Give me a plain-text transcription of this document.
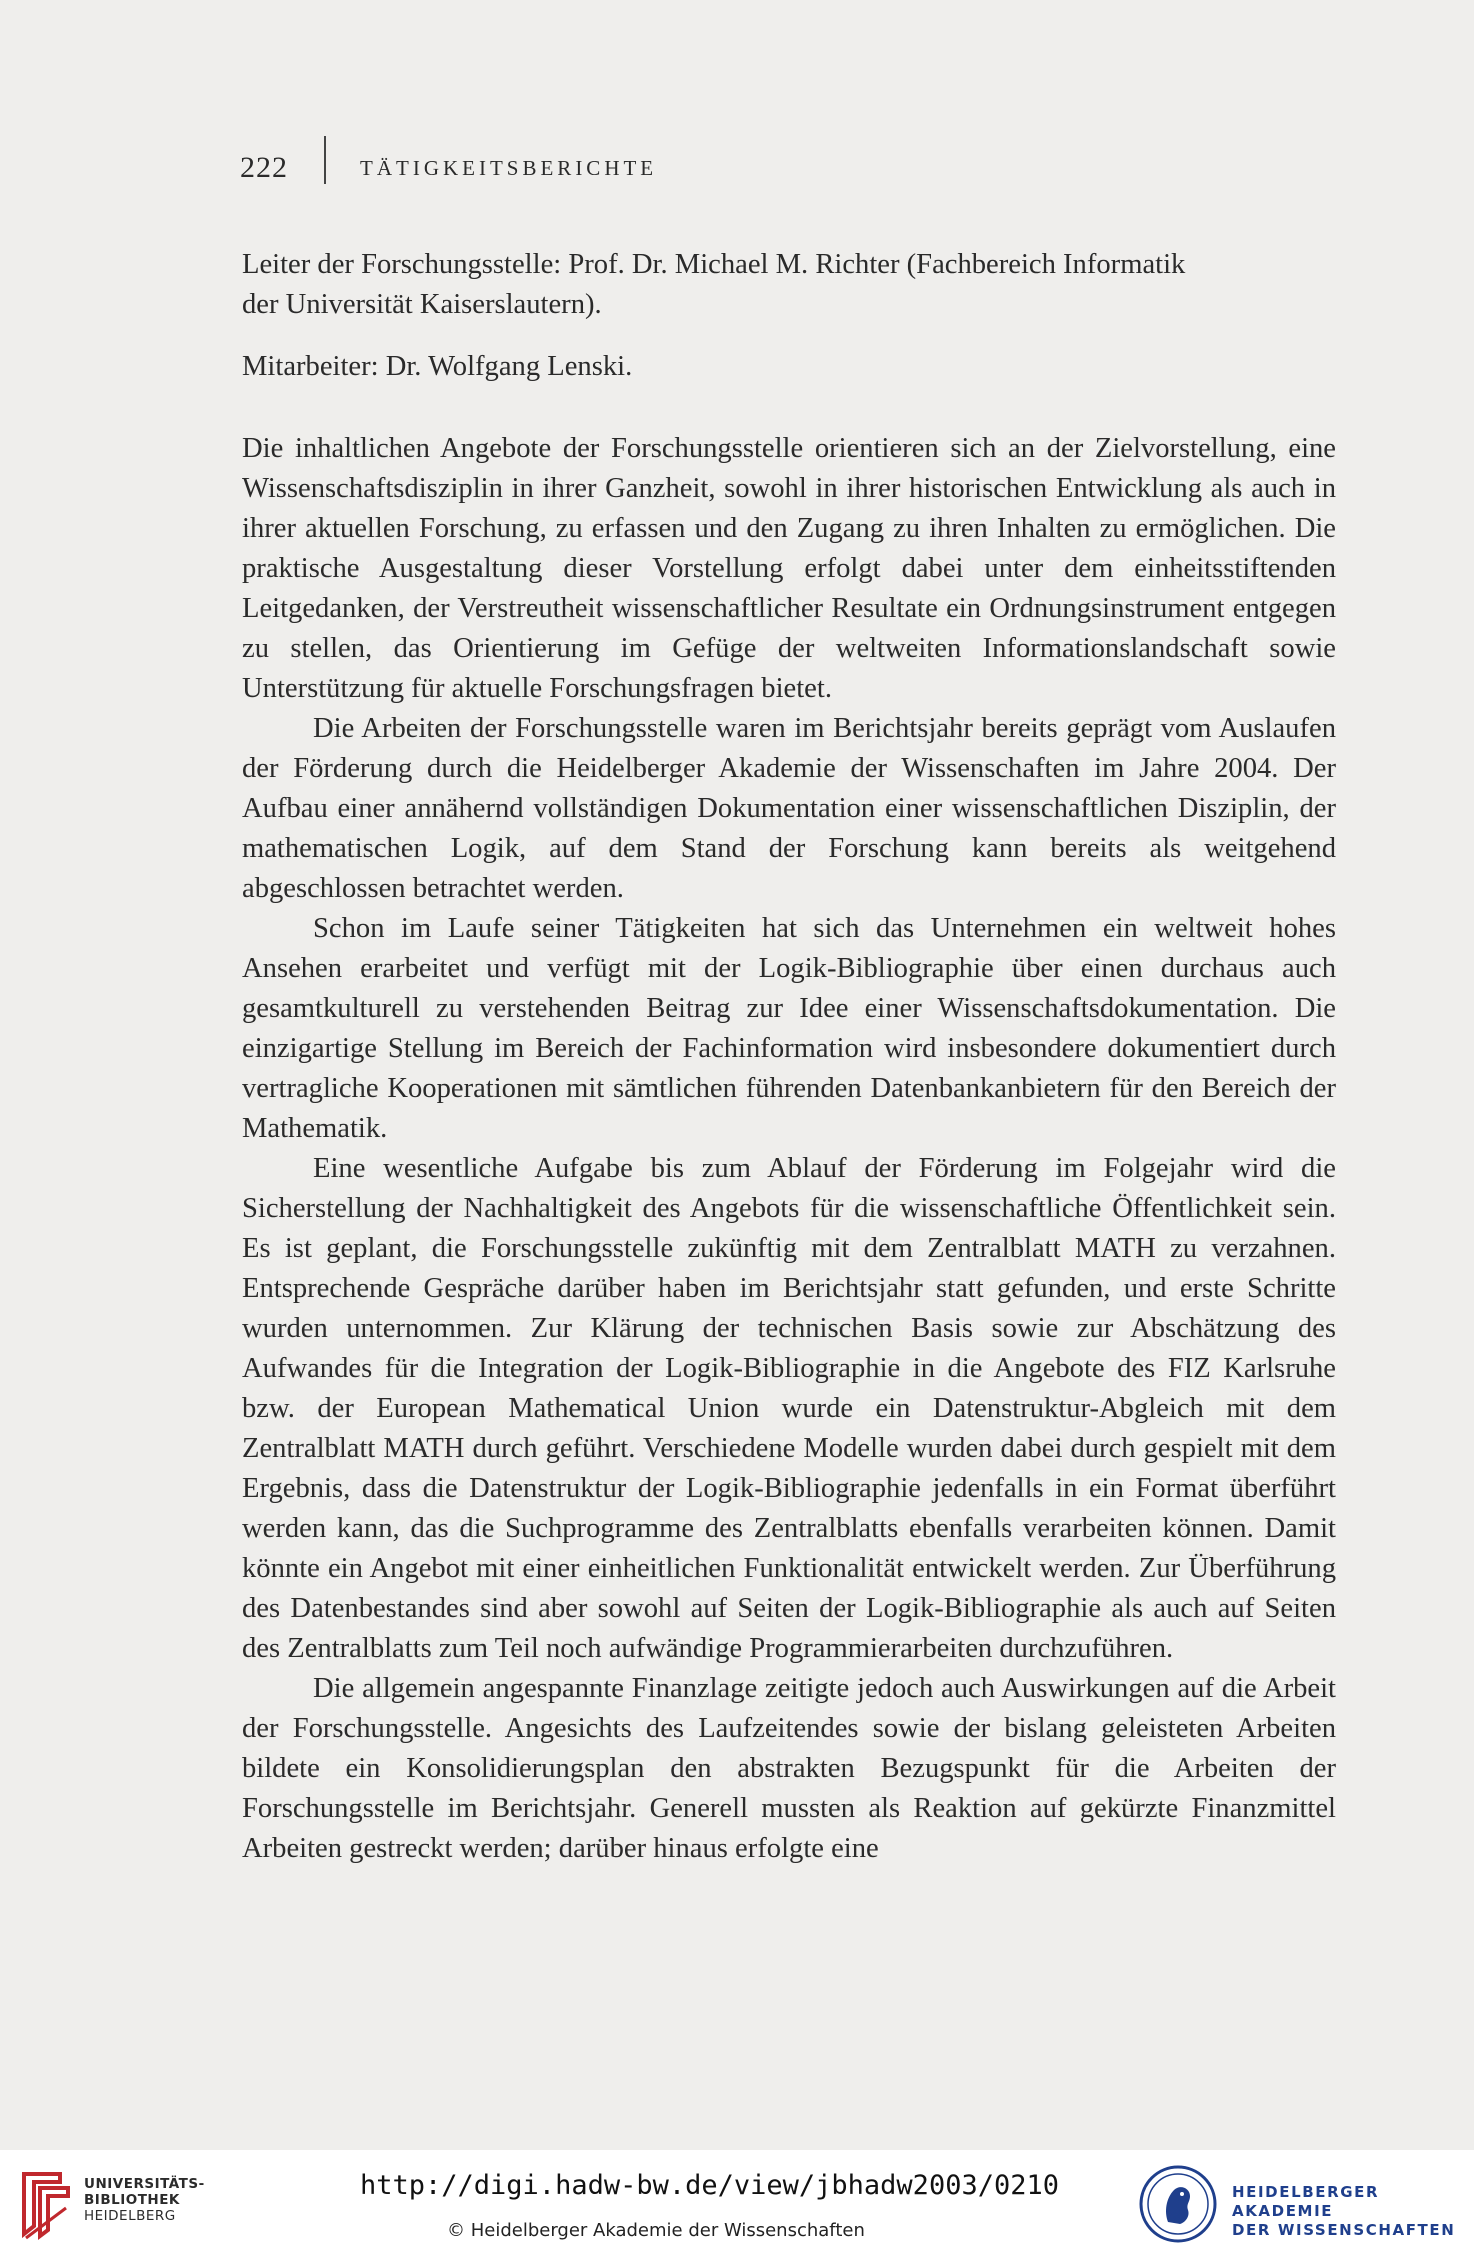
222	TÄTIGKEITSBERICHTE

Leiter der Forschungsstelle: Prof. Dr. Michael M. Richter (Fachbereich Informatik

der Universität Kaiserslautern).

Mitarbeiter: Dr. Wolfgang Lenski.

Die inhaltlichen Angebote der Forschungsstelle orientieren sich an der Zielvorstellung, eine Wissenschaftsdisziplin in ihrer Ganzheit, sowohl in ihrer historischen Entwicklung als auch in ihrer aktuellen Forschung, zu erfassen und den Zugang zu ihren Inhalten zu ermöglichen. Die praktische Ausgestaltung dieser Vorstellung erfolgt dabei unter dem einheitsstiftenden Leitgedanken, der Verstreutheit wissenschaftlicher Resultate ein Ordnungsinstrument entgegen zu stellen, das Orientierung im Gefüge der weltweiten Informationslandschaft sowie Unterstützung für aktuelle Forschungsfragen bietet.

Die Arbeiten der Forschungsstelle waren im Berichtsjahr bereits geprägt vom Auslaufen der Förderung durch die Heidelberger Akademie der Wissenschaften im Jahre 2004. Der Aufbau einer annähernd vollständigen Dokumentation einer wissenschaftlichen Disziplin, der mathematischen Logik, auf dem Stand der Forschung kann bereits als weitgehend abgeschlossen betrachtet werden.

Schon im Laufe seiner Tätigkeiten hat sich das Unternehmen ein weltweit hohes Ansehen erarbeitet und verfügt mit der Logik-Bibliographie über einen durchaus auch gesamtkulturell zu verstehenden Beitrag zur Idee einer Wissenschaftsdokumentation. Die einzigartige Stellung im Bereich der Fachinformation wird insbesondere dokumentiert durch vertragliche Kooperationen mit sämtlichen führenden Datenbankanbietern für den Bereich der Mathematik.

Eine wesentliche Aufgabe bis zum Ablauf der Förderung im Folgejahr wird die Sicherstellung der Nachhaltigkeit des Angebots für die wissenschaftliche Öffentlichkeit sein. Es ist geplant, die Forschungsstelle zukünftig mit dem Zentralblatt MATH zu verzahnen. Entsprechende Gespräche darüber haben im Berichtsjahr statt gefunden, und erste Schritte wurden unternommen. Zur Klärung der technischen Basis sowie zur Abschätzung des Aufwandes für die Integration der Logik-Bibliographie in die Angebote des FIZ Karlsruhe bzw. der European Mathematical Union wurde ein Datenstruktur-Abgleich mit dem Zentralblatt MATH durch geführt. Verschiedene Modelle wurden dabei durch gespielt mit dem Ergebnis, dass die Datenstruktur der Logik-Bibliographie jedenfalls in ein Format überführt werden kann, das die Suchprogramme des Zentralblatts ebenfalls verarbeiten können. Damit könnte ein Angebot mit einer einheitlichen Funktionalität entwickelt werden. Zur Überführung des Datenbestandes sind aber sowohl auf Seiten der Logik-Bibliographie als auch auf Seiten des Zentralblatts zum Teil noch aufwändige Programmierarbeiten durchzuführen.

Die allgemein angespannte Finanzlage zeitigte jedoch auch Auswirkungen auf die Arbeit der Forschungsstelle. Angesichts des Laufzeitendes sowie der bislang geleisteten Arbeiten bildete ein Konsolidierungsplan den abstrakten Bezugspunkt für die Arbeiten der Forschungsstelle im Berichtsjahr. Generell mussten als Reaktion auf gekürzte Finanzmittel Arbeiten gestreckt werden; darüber hinaus erfolgte eine

UNIVERSITÄTS-
BIBLIOTHEK
HEIDELBERG
http://digi.hadw-bw.de/view/jbhadw2003/0210
© Heidelberger Akademie der Wissenschaften
HEIDELBERGER AKADEMIE
DER WISSENSCHAFTEN
